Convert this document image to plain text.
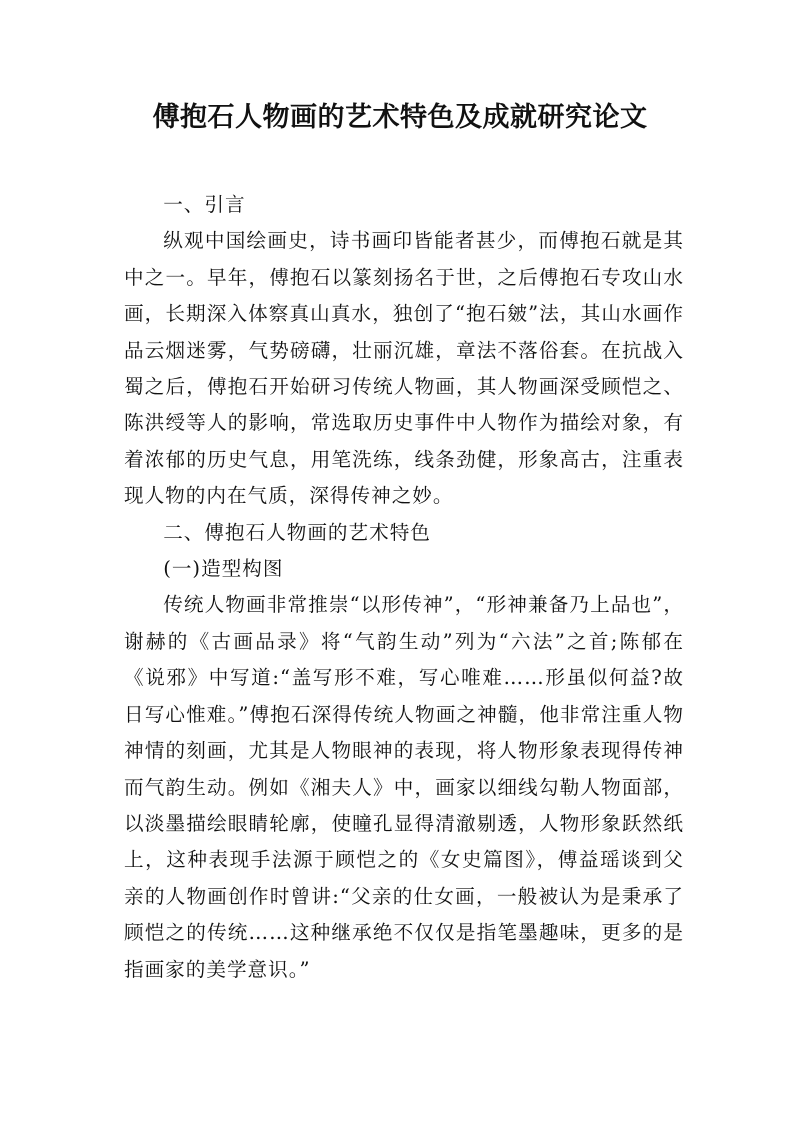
傅抱石人物画的艺术特色及成就研究论文

一、引言

纵观中国绘画史，诗书画印皆能者甚少，而傅抱石就是其中之一。早年，傅抱石以篆刻扬名于世，之后傅抱石专攻山水画，长期深入体察真山真水，独创了“抱石皴”法，其山水画作品云烟迷雾，气势磅礴，壮丽沉雄，章法不落俗套。在抗战入蜀之后，傅抱石开始研习传统人物画，其人物画深受顾恺之、陈洪绶等人的影响，常选取历史事件中人物作为描绘对象，有着浓郁的历史气息，用笔洗练，线条劲健，形象高古，注重表现人物的内在气质，深得传神之妙。

二、傅抱石人物画的艺术特色

(一)造型构图

传统人物画非常推崇“以形传神”，“形神兼备乃上品也”，谢赫的《古画品录》将“气韵生动”列为“六法”之首;陈郁在《说邪》中写道:“盖写形不难，写心唯难……形虽似何益?故日写心惟难。”傅抱石深得传统人物画之神髓，他非常注重人物神情的刻画，尤其是人物眼神的表现，将人物形象表现得传神而气韵生动。例如《湘夫人》中，画家以细线勾勒人物面部，以淡墨描绘眼睛轮廓，使瞳孔显得清澈剔透，人物形象跃然纸上，这种表现手法源于顾恺之的《女史篇图》，傅益瑶谈到父亲的人物画创作时曾讲:“父亲的仕女画，一般被认为是秉承了顾恺之的传统……这种继承绝不仅仅是指笔墨趣味，更多的是指画家的美学意识。”
